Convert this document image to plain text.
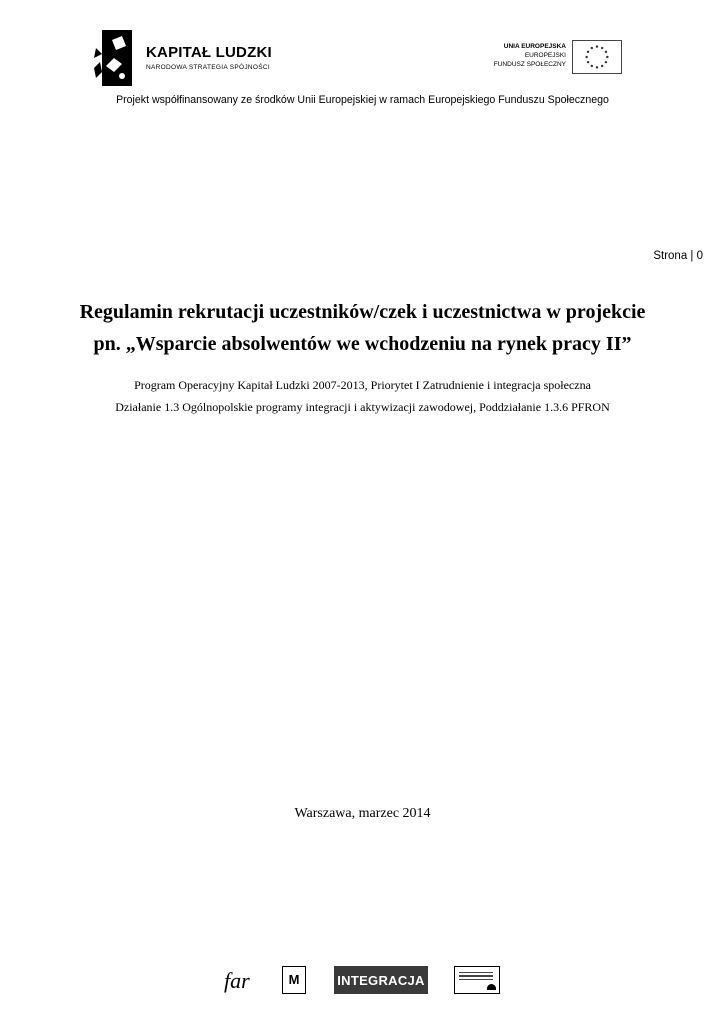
KAPITAŁ LUDZKI
NARODOWA STRATEGIA SPÓJNOŚCI
UNIA EUROPEJSKA
EUROPEJSKI
FUNDUSZ SPOŁECZNY
Projekt współfinansowany ze środków Unii Europejskiej w ramach Europejskiego Funduszu Społecznego
Strona | 0
Regulamin rekrutacji uczestników/czek i uczestnictwa w projekcie
pn. „Wsparcie absolwentów we wchodzeniu na rynek pracy II”
Program Operacyjny Kapitał Ludzki 2007-2013, Priorytet I Zatrudnienie i integracja społeczna
Działanie 1.3 Ogólnopolskie programy integracji i aktywizacji zawodowej, Poddziałanie 1.3.6 PFRON
Warszawa, marzec 2014
far	M	INTEGRACJA
